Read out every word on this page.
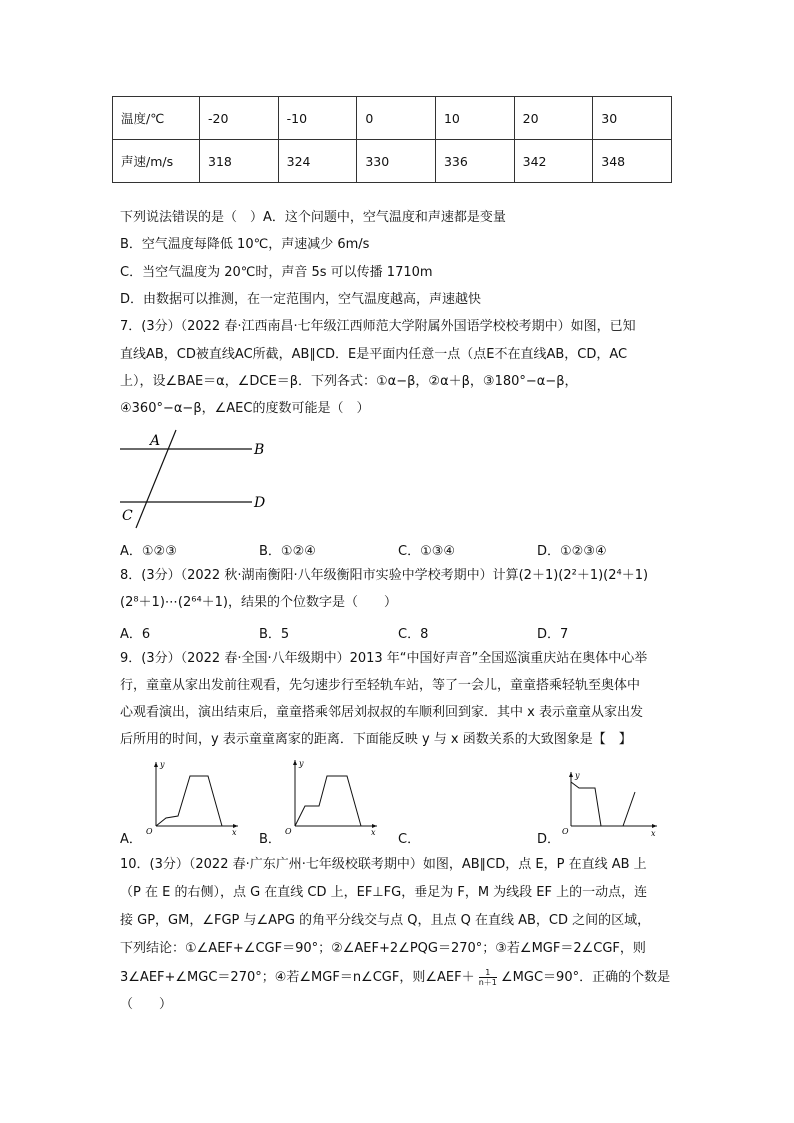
温度/℃	-20	-10	0	10	20	30
声速/m/s	318	324	330	336	342	348
下列说法错误的是（　）A．这个问题中，空气温度和声速都是变量
B．空气温度每降低 10℃，声速减少 6m/s
C．当空气温度为 20℃时，声音 5s 可以传播 1710m
D．由数据可以推测，在一定范围内，空气温度越高，声速越快
7．(3分）（2022 春·江西南昌·七年级江西师范大学附属外国语学校校考期中）如图，已知
直线AB，CD被直线AC所截，AB∥CD．E是平面内任意一点（点E不在直线AB，CD，AC
上），设∠BAE＝α，∠DCE＝β．下列各式：①α−β，②α＋β，③180°−α−β，
④360°−α−β，∠AEC的度数可能是（　）
A
B
C
D
A．①②③	B．①②④	C．①③④	D．①②③④
8．(3分）（2022 秋·湖南衡阳·八年级衡阳市实验中学校考期中）计算(2＋1)(2²＋1)(2⁴＋1)
(2⁸＋1)⋯(2⁶⁴＋1)，结果的个位数字是（　　）
A．6	B．5	C．8	D．7
9．(3分）（2022 春·全国·八年级期中）2013 年“中国好声音”全国巡演重庆站在奥体中心举
行，童童从家出发前往观看，先匀速步行至轻轨车站，等了一会儿，童童搭乘轻轨至奥体中
心观看演出，演出结束后，童童搭乘邻居刘叔叔的车顺利回到家．其中 x 表示童童从家出发
后所用的时间，y 表示童童离家的距离．下面能反映 y 与 x 函数关系的大致图象是【　】
y
x
O
A．
y
x
O
B．	C．
y
x
O
D．
10．(3分）（2022 春·广东广州·七年级校联考期中）如图，AB∥CD，点 E，P 在直线 AB 上
（P 在 E 的右侧），点 G 在直线 CD 上，EF⊥FG，垂足为 F，M 为线段 EF 上的一动点，连
接 GP，GM，∠FGP 与∠APG 的角平分线交与点 Q，且点 Q 在直线 AB，CD 之间的区域，
下列结论：①∠AEF+∠CGF＝90°；②∠AEF+2∠PQG＝270°；③若∠MGF＝2∠CGF，则
3∠AEF+∠MGC＝270°；④若∠MGF＝n∠CGF，则∠AEF＋ $\frac{1}{n+1}$ ∠MGC＝90°．正确的个数是
（　　）
